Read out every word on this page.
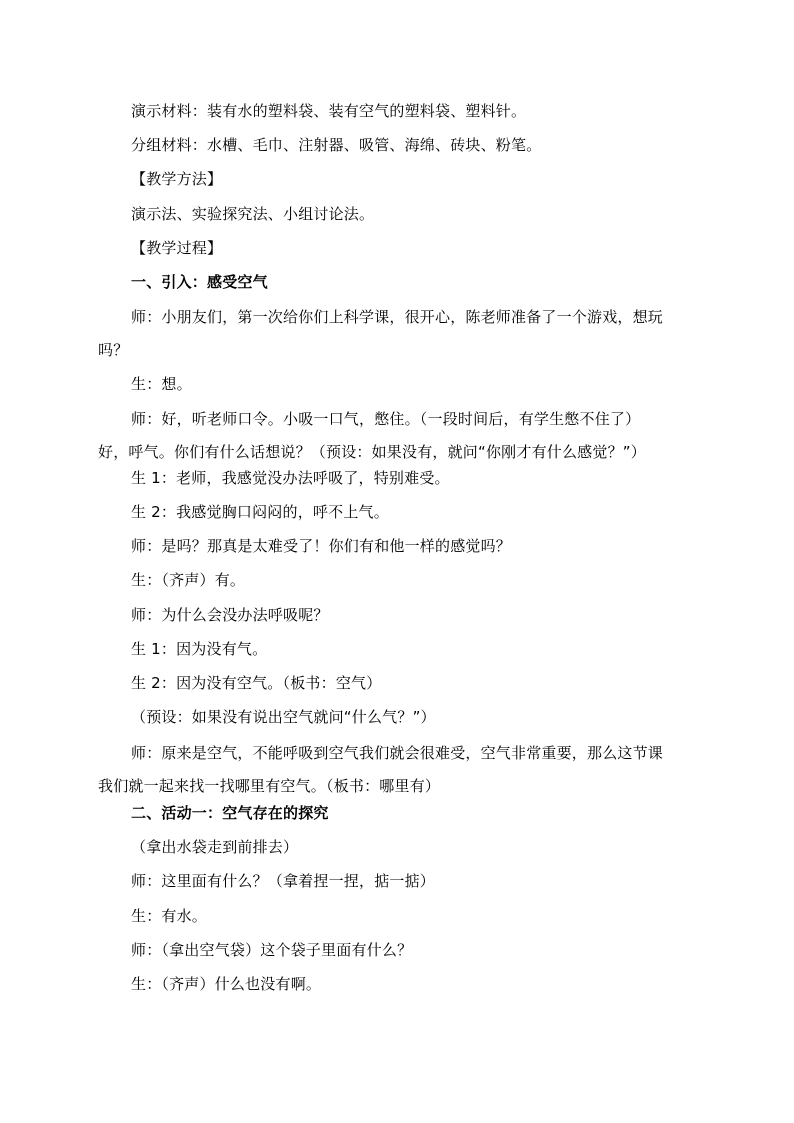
演示材料：装有水的塑料袋、装有空气的塑料袋、塑料针。
分组材料：水槽、毛巾、注射器、吸管、海绵、砖块、粉笔。
【教学方法】
演示法、实验探究法、小组讨论法。
【教学过程】
一、引入：感受空气
师：小朋友们，第一次给你们上科学课，很开心，陈老师准备了一个游戏，想玩吗？
生：想。
师：好，听老师口令。小吸一口气，憋住。（一段时间后，有学生憋不住了）好，呼气。你们有什么话想说？（预设：如果没有，就问“你刚才有什么感觉？”）
生 1：老师，我感觉没办法呼吸了，特别难受。
生 2：我感觉胸口闷闷的，呼不上气。
师：是吗？那真是太难受了！你们有和他一样的感觉吗？
生：（齐声）有。
师：为什么会没办法呼吸呢？
生 1：因为没有气。
生 2：因为没有空气。（板书：空气）
（预设：如果没有说出空气就问“什么气？”）
师：原来是空气，不能呼吸到空气我们就会很难受，空气非常重要，那么这节课我们就一起来找一找哪里有空气。（板书：哪里有）
二、活动一：空气存在的探究
（拿出水袋走到前排去）
师：这里面有什么？（拿着捏一捏，掂一掂）
生：有水。
师：（拿出空气袋）这个袋子里面有什么？
生：（齐声）什么也没有啊。
